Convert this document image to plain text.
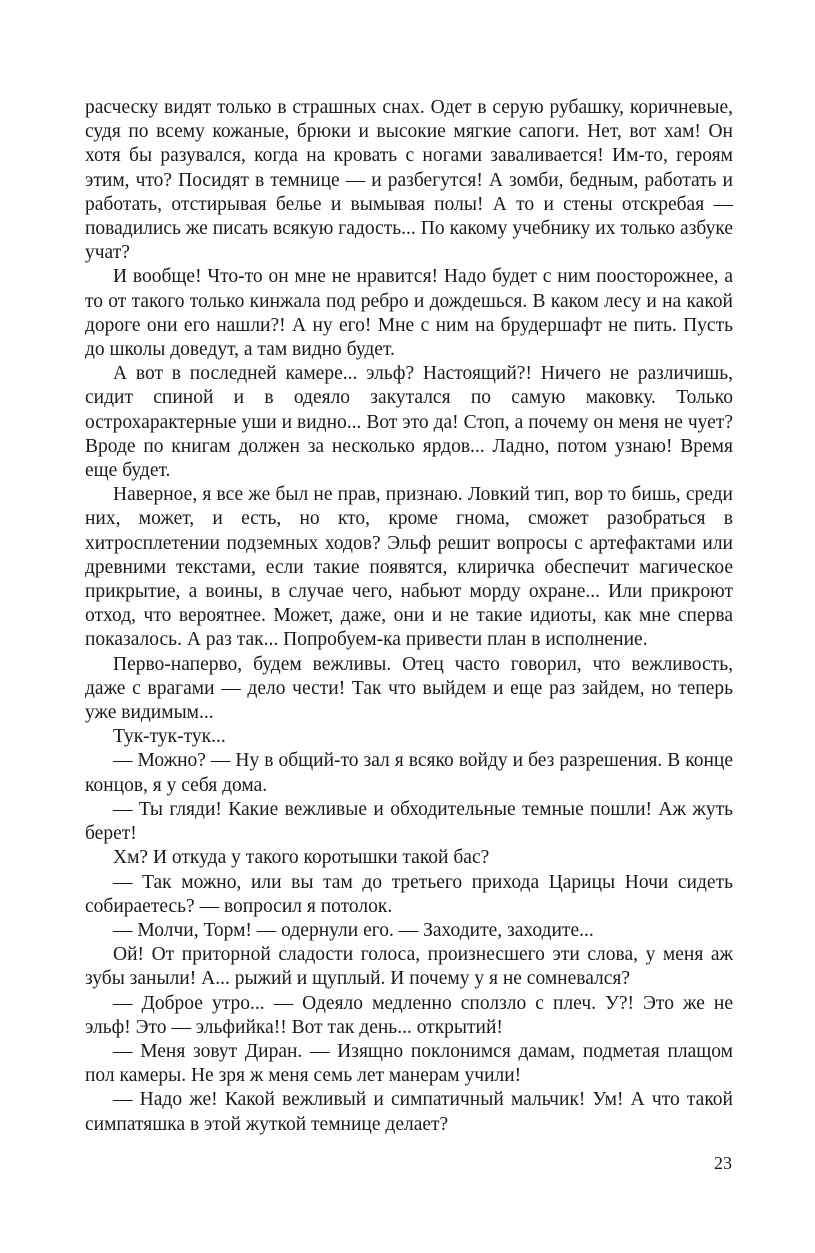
расческу видят только в страшных снах. Одет в серую рубашку, коричневые, судя по всему кожаные, брюки и высокие мягкие сапоги. Нет, вот хам! Он хотя бы разувался, когда на кровать с ногами заваливается! Им-то, героям этим, что? Посидят в темнице — и разбегутся! А зомби, бедным, работать и работать, отстирывая белье и вымывая полы! А то и стены отскребая — повадились же писать всякую гадость... По какому учебнику их только азбуке учат?

И вообще! Что-то он мне не нравится! Надо будет с ним поосторожнее, а то от такого только кинжала под ребро и дождешься. В каком лесу и на какой дороге они его нашли?! А ну его! Мне с ним на брудершафт не пить. Пусть до школы доведут, а там видно будет.

А вот в последней камере... эльф? Настоящий?! Ничего не различишь, сидит спиной и в одеяло закутался по самую маковку. Только острохарактерные уши и видно... Вот это да! Стоп, а почему он меня не чует? Вроде по книгам должен за несколько ярдов... Ладно, потом узнаю! Время еще будет.

Наверное, я все же был не прав, признаю. Ловкий тип, вор то бишь, среди них, может, и есть, но кто, кроме гнома, сможет разобраться в хитросплетении подземных ходов? Эльф решит вопросы с артефактами или древними текстами, если такие появятся, клиричка обеспечит магическое прикрытие, а воины, в случае чего, набьют морду охране... Или прикроют отход, что вероятнее. Может, даже, они и не такие идиоты, как мне сперва показалось. А раз так... Попробуем-ка привести план в исполнение.

Перво-наперво, будем вежливы. Отец часто говорил, что вежливость, даже с врагами — дело чести! Так что выйдем и еще раз зайдем, но теперь уже видимым...

Тук-тук-тук...

— Можно? — Ну в общий-то зал я всяко войду и без разрешения. В конце концов, я у себя дома.

— Ты гляди! Какие вежливые и обходительные темные пошли! Аж жуть берет!

Хм? И откуда у такого коротышки такой бас?

— Так можно, или вы там до третьего прихода Царицы Ночи сидеть собираетесь? — вопросил я потолок.

— Молчи, Торм! — одернули его. — Заходите, заходите...

Ой! От приторной сладости голоса, произнесшего эти слова, у меня аж зубы заныли! А... рыжий и щуплый. И почему у я не сомневался?

— Доброе утро... — Одеяло медленно сползло с плеч. У?! Это же не эльф! Это — эльфийка!! Вот так день... открытий!

— Меня зовут Диран. — Изящно поклонимся дамам, подметая плащом пол камеры. Не зря ж меня семь лет манерам учили!

— Надо же! Какой вежливый и симпатичный мальчик! Ум! А что такой симпатяшка в этой жуткой темнице делает?

23
